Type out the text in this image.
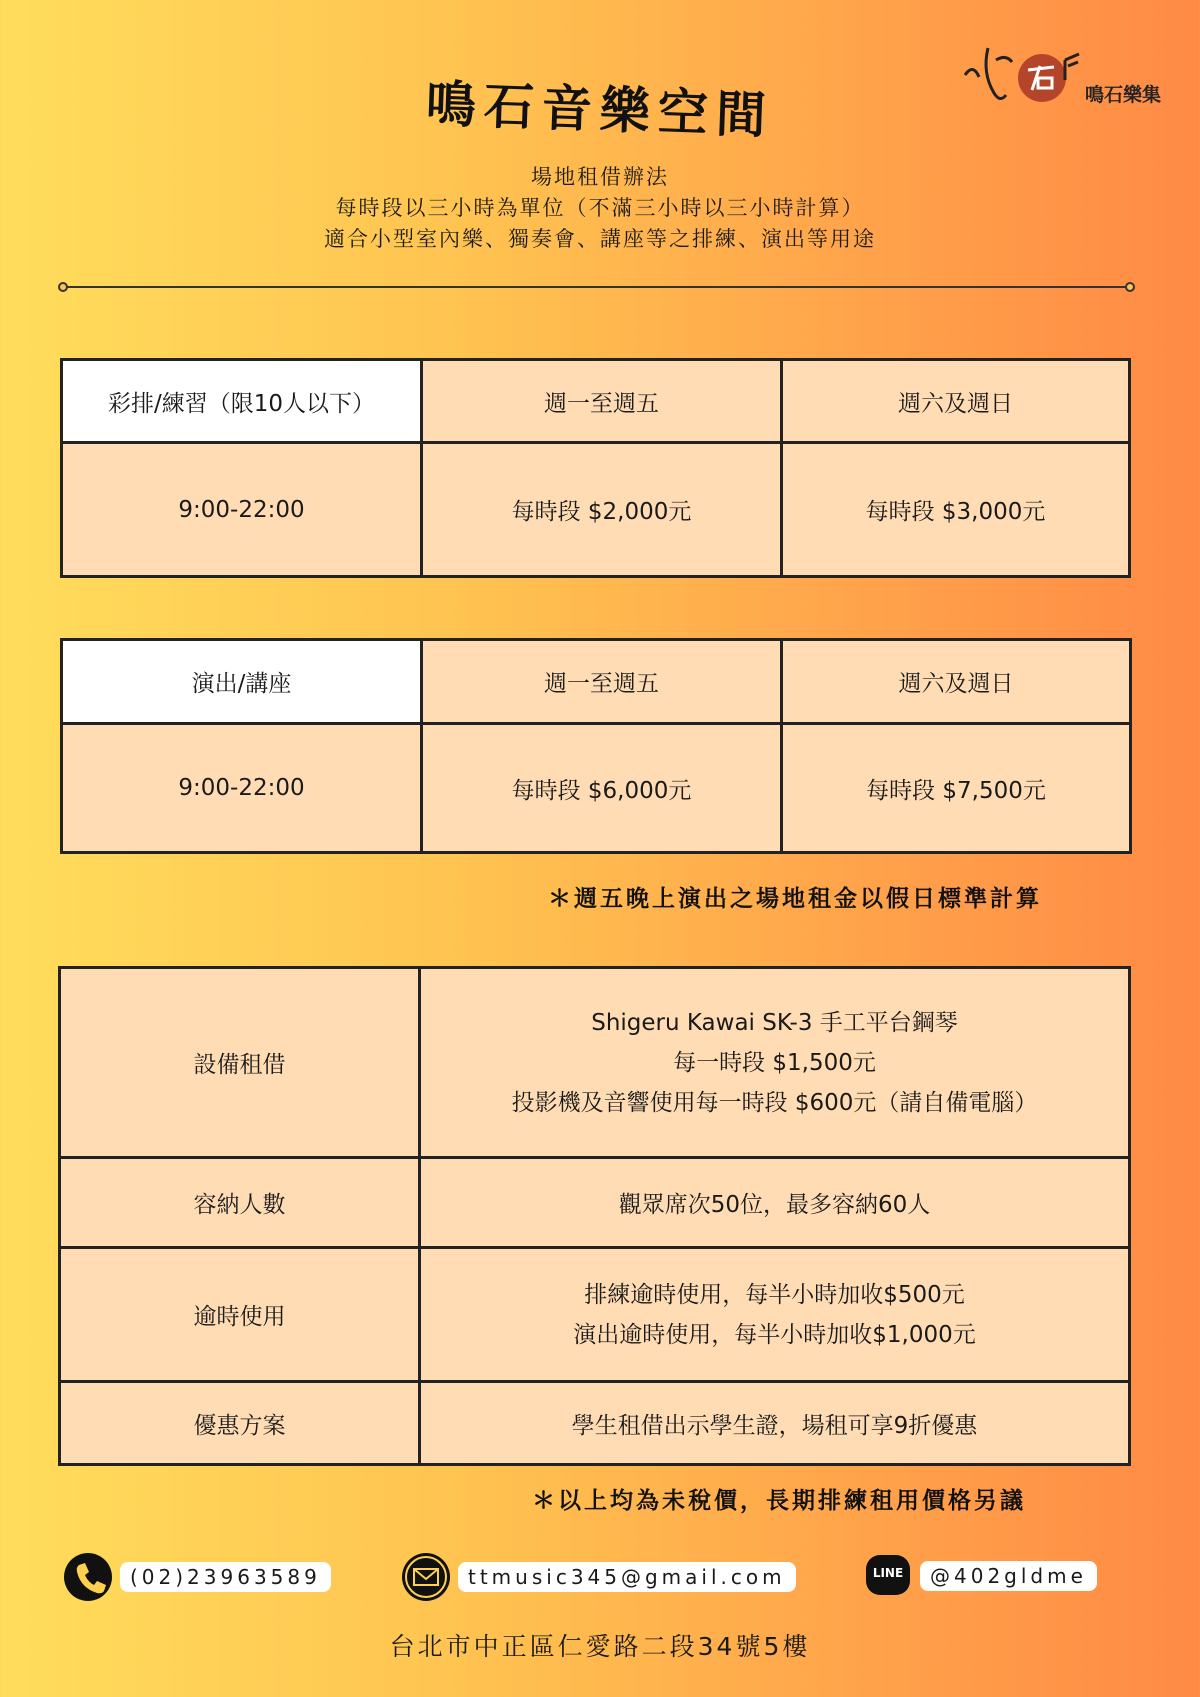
鳴石音樂空間	鳴石樂集
場地租借辦法
每時段以三小時為單位（不滿三小時以三小時計算）
適合小型室內樂、獨奏會、講座等之排練、演出等用途
彩排/練習（限10人以下）	週一至週五	週六及週日
9:00-22:00	每時段 $2,000元	每時段 $3,000元
演出/講座	週一至週五	週六及週日
9:00-22:00	每時段 $6,000元	每時段 $7,500元
＊週五晚上演出之場地租金以假日標準計算
設備租借	Shigeru Kawai SK-3 手工平台鋼琴
每一時段 $1,500元
投影機及音響使用每一時段 $600元（請自備電腦）

容納人數	觀眾席次50位，最多容納60人
逾時使用	排練逾時使用，每半小時加收$500元
演出逾時使用，每半小時加收$1,000元

優惠方案	學生租借出示學生證，場租可享9折優惠
＊以上均為未稅價，長期排練租用價格另議
(02)23963589	ttmusic345@gmail.com	LINE	@402gldme
台北市中正區仁愛路二段34號5樓
